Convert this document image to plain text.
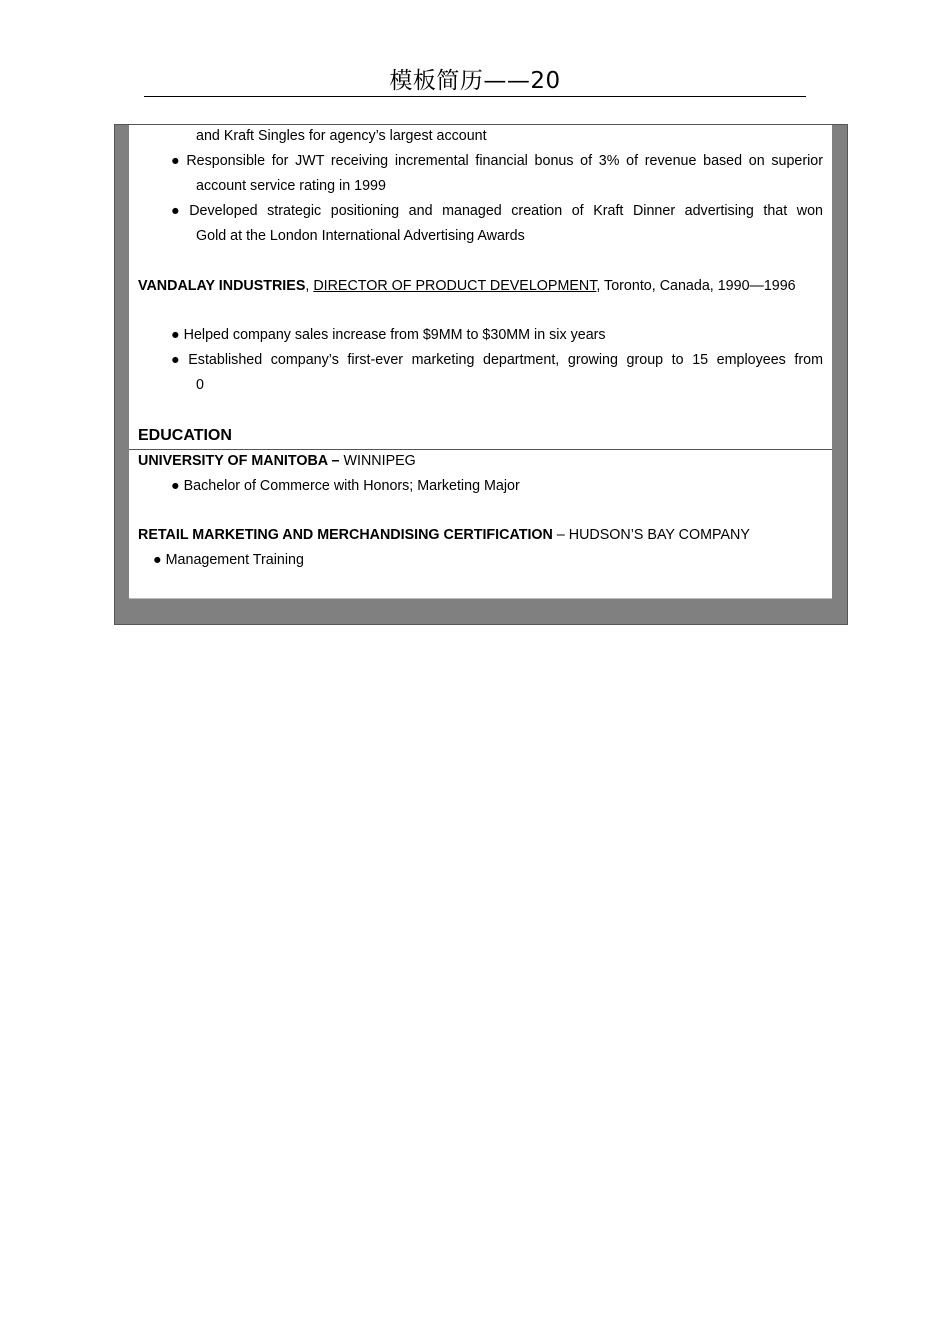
模板简历——20
and Kraft Singles for agency’s largest account
● Responsible for JWT receiving incremental financial bonus of 3% of revenue based on superior
account service rating in 1999
● Developed strategic positioning and managed creation of Kraft Dinner advertising that won
Gold at the London International Advertising Awards
VANDALAY INDUSTRIES, DIRECTOR OF PRODUCT DEVELOPMENT, Toronto, Canada, 1990—1996
● Helped company sales increase from $9MM to $30MM in six years
● Established company’s first-ever marketing department, growing group to 15 employees from
0
EDUCATION
UNIVERSITY OF MANITOBA – WINNIPEG
● Bachelor of Commerce with Honors; Marketing Major
RETAIL MARKETING AND MERCHANDISING CERTIFICATION – HUDSON’S BAY COMPANY
● Management Training
